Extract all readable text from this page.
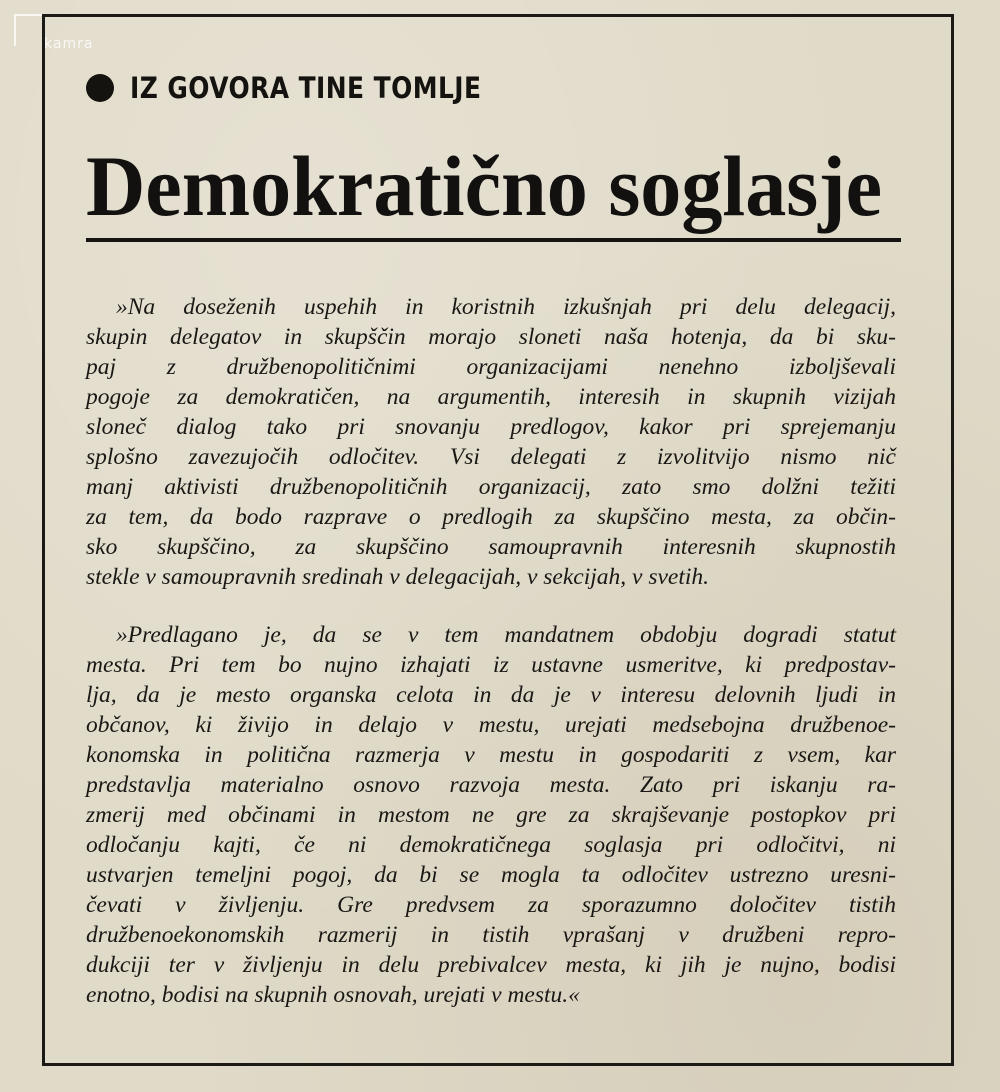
kamra
IZ GOVORA TINE TOMLJE
Demokratično soglasje

»Na doseženih uspehih in koristnih izkušnjah pri delu delegacij,
skupin delegatov in skupščin morajo sloneti naša hotenja, da bi sku-
paj z družbenopolitičnimi organizacijami nenehno izboljševali
pogoje za demokratičen, na argumentih, interesih in skupnih vizijah
sloneč dialog tako pri snovanju predlogov, kakor pri sprejemanju
splošno zavezujočih odločitev. Vsi delegati z izvolitvijo nismo nič
manj aktivisti družbenopolitičnih organizacij, zato smo dolžni težiti
za tem, da bodo razprave o predlogih za skupščino mesta, za občin-
sko skupščino, za skupščino samoupravnih interesnih skupnostih
stekle v samoupravnih sredinah v delegacijah, v sekcijah, v svetih.

»Predlagano je, da se v tem mandatnem obdobju dogradi statut
mesta. Pri tem bo nujno izhajati iz ustavne usmeritve, ki predpostav-
lja, da je mesto organska celota in da je v interesu delovnih ljudi in
občanov, ki živijo in delajo v mestu, urejati medsebojna družbenoe-
konomska in politična razmerja v mestu in gospodariti z vsem, kar
predstavlja materialno osnovo razvoja mesta. Zato pri iskanju ra-
zmerij med občinami in mestom ne gre za skrajševanje postopkov pri
odločanju kajti, če ni demokratičnega soglasja pri odločitvi, ni
ustvarjen temeljni pogoj, da bi se mogla ta odločitev ustrezno uresni-
čevati v življenju. Gre predvsem za sporazumno določitev tistih
družbenoekonomskih razmerij in tistih vprašanj v družbeni repro-
dukciji ter v življenju in delu prebivalcev mesta, ki jih je nujno, bodisi
enotno, bodisi na skupnih osnovah, urejati v mestu.«
